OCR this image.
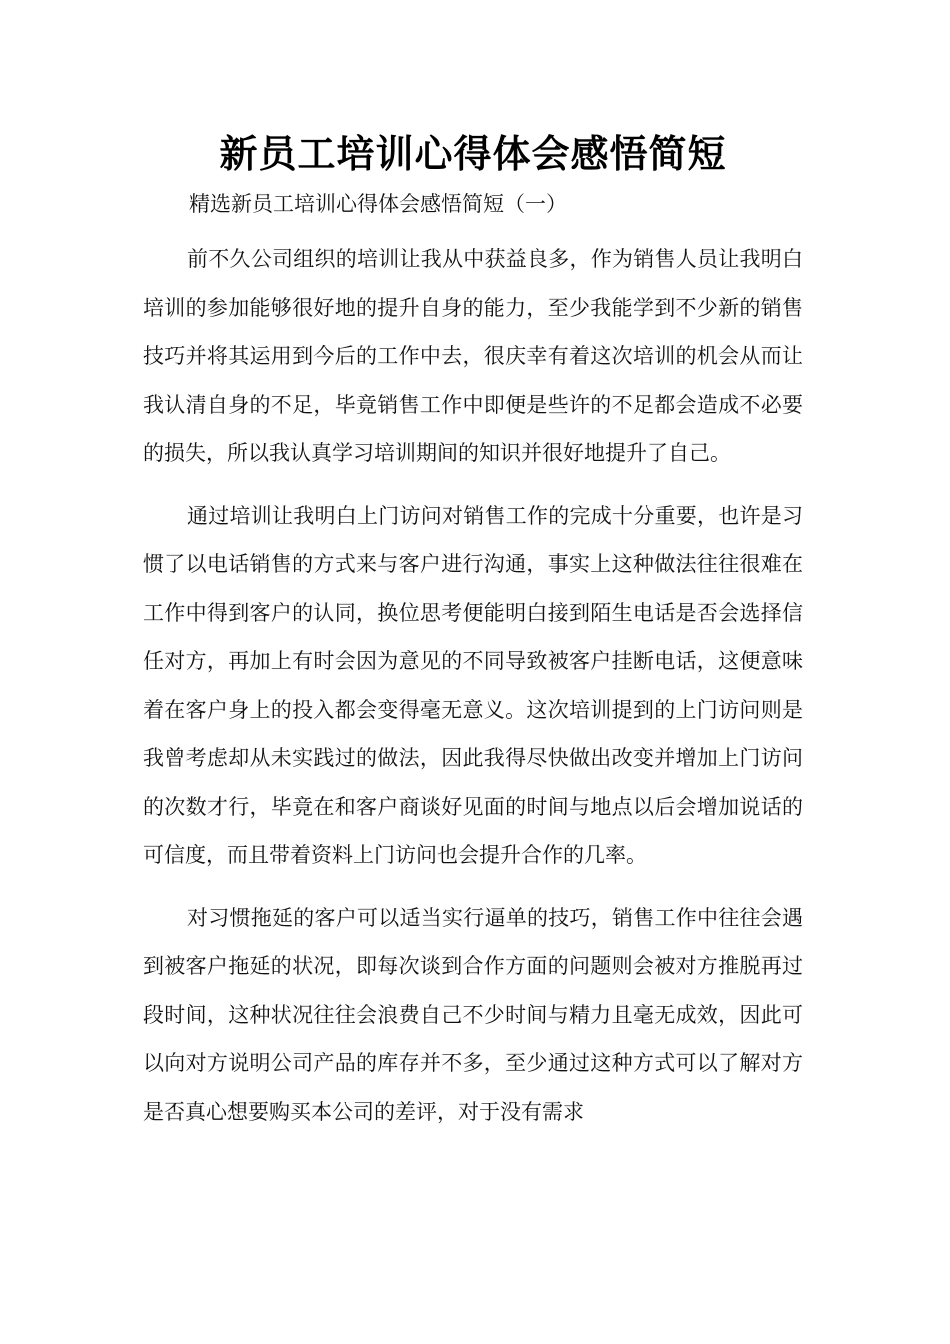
新员工培训心得体会感悟简短
精选新员工培训心得体会感悟简短（一）

前不久公司组织的培训让我从中获益良多，作为销售人员让我明白培训的参加能够很好地的提升自身的能力，至少我能学到不少新的销售技巧并将其运用到今后的工作中去，很庆幸有着这次培训的机会从而让我认清自身的不足，毕竟销售工作中即便是些许的不足都会造成不必要的损失，所以我认真学习培训期间的知识并很好地提升了自己。

通过培训让我明白上门访问对销售工作的完成十分重要，也许是习惯了以电话销售的方式来与客户进行沟通，事实上这种做法往往很难在工作中得到客户的认同，换位思考便能明白接到陌生电话是否会选择信任对方，再加上有时会因为意见的不同导致被客户挂断电话，这便意味着在客户身上的投入都会变得毫无意义。这次培训提到的上门访问则是我曾考虑却从未实践过的做法，因此我得尽快做出改变并增加上门访问的次数才行，毕竟在和客户商谈好见面的时间与地点以后会增加说话的可信度，而且带着资料上门访问也会提升合作的几率。

对习惯拖延的客户可以适当实行逼单的技巧，销售工作中往往会遇到被客户拖延的状况，即每次谈到合作方面的问题则会被对方推脱再过段时间，这种状况往往会浪费自己不少时间与精力且毫无成效，因此可以向对方说明公司产品的库存并不多，至少通过这种方式可以了解对方是否真心想要购买本公司的差评，对于没有需求
